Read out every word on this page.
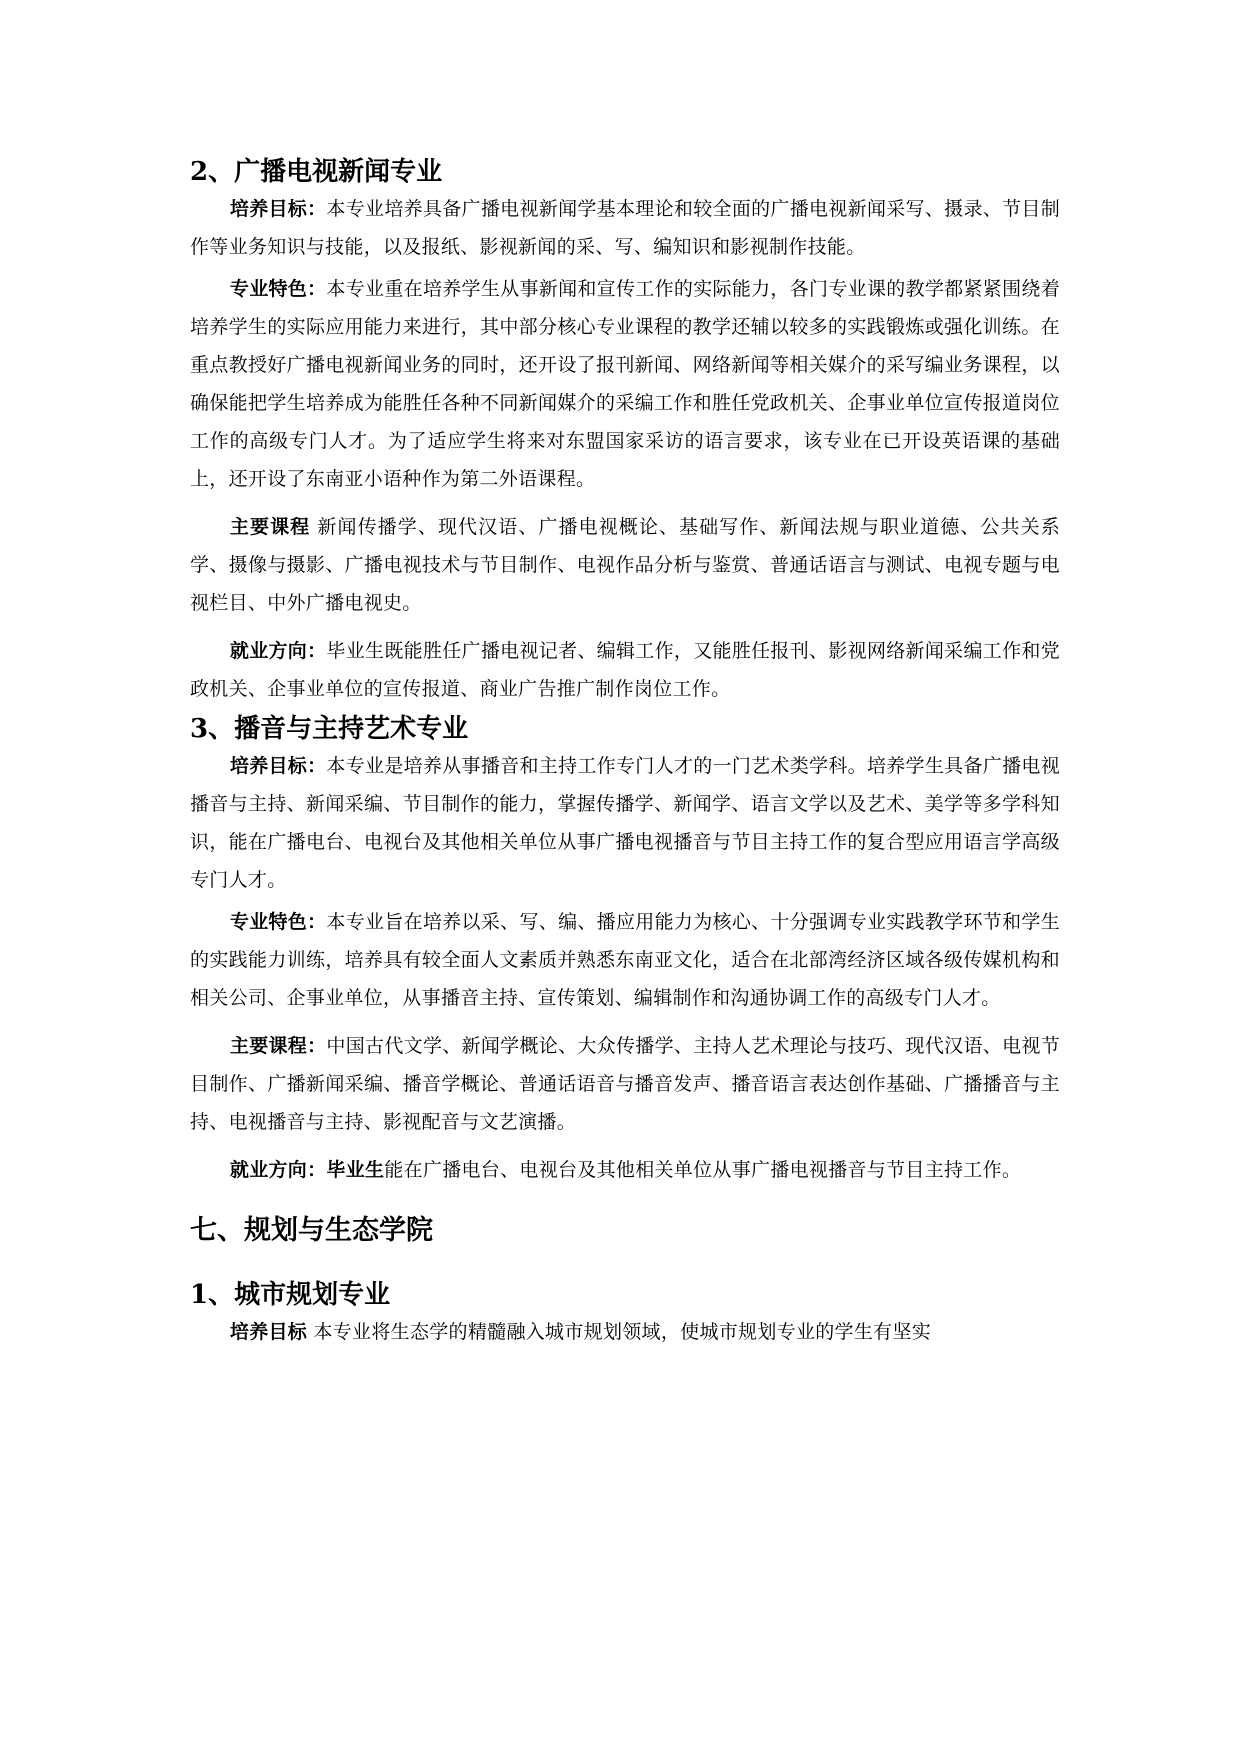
2、广播电视新闻专业

培养目标：本专业培养具备广播电视新闻学基本理论和较全面的广播电视新闻采写、摄录、节目制作等业务知识与技能，以及报纸、影视新闻的采、写、编知识和影视制作技能。

专业特色：本专业重在培养学生从事新闻和宣传工作的实际能力，各门专业课的教学都紧紧围绕着培养学生的实际应用能力来进行，其中部分核心专业课程的教学还辅以较多的实践锻炼或强化训练。在重点教授好广播电视新闻业务的同时，还开设了报刊新闻、网络新闻等相关媒介的采写编业务课程，以确保能把学生培养成为能胜任各种不同新闻媒介的采编工作和胜任党政机关、企事业单位宣传报道岗位工作的高级专门人才。为了适应学生将来对东盟国家采访的语言要求，该专业在已开设英语课的基础上，还开设了东南亚小语种作为第二外语课程。

主要课程 新闻传播学、现代汉语、广播电视概论、基础写作、新闻法规与职业道德、公共关系学、摄像与摄影、广播电视技术与节目制作、电视作品分析与鉴赏、普通话语言与测试、电视专题与电视栏目、中外广播电视史。

就业方向：毕业生既能胜任广播电视记者、编辑工作，又能胜任报刊、影视网络新闻采编工作和党政机关、企事业单位的宣传报道、商业广告推广制作岗位工作。

3、播音与主持艺术专业

培养目标：本专业是培养从事播音和主持工作专门人才的一门艺术类学科。培养学生具备广播电视播音与主持、新闻采编、节目制作的能力，掌握传播学、新闻学、语言文学以及艺术、美学等多学科知识，能在广播电台、电视台及其他相关单位从事广播电视播音与节目主持工作的复合型应用语言学高级专门人才。

专业特色：本专业旨在培养以采、写、编、播应用能力为核心、十分强调专业实践教学环节和学生的实践能力训练，培养具有较全面人文素质并熟悉东南亚文化，适合在北部湾经济区域各级传媒机构和相关公司、企事业单位，从事播音主持、宣传策划、编辑制作和沟通协调工作的高级专门人才。

主要课程：中国古代文学、新闻学概论、大众传播学、主持人艺术理论与技巧、现代汉语、电视节目制作、广播新闻采编、播音学概论、普通话语音与播音发声、播音语言表达创作基础、广播播音与主持、电视播音与主持、影视配音与文艺演播。

就业方向：毕业生能在广播电台、电视台及其他相关单位从事广播电视播音与节目主持工作。

七、规划与生态学院
1、城市规划专业

培养目标 本专业将生态学的精髓融入城市规划领域，使城市规划专业的学生有坚实
